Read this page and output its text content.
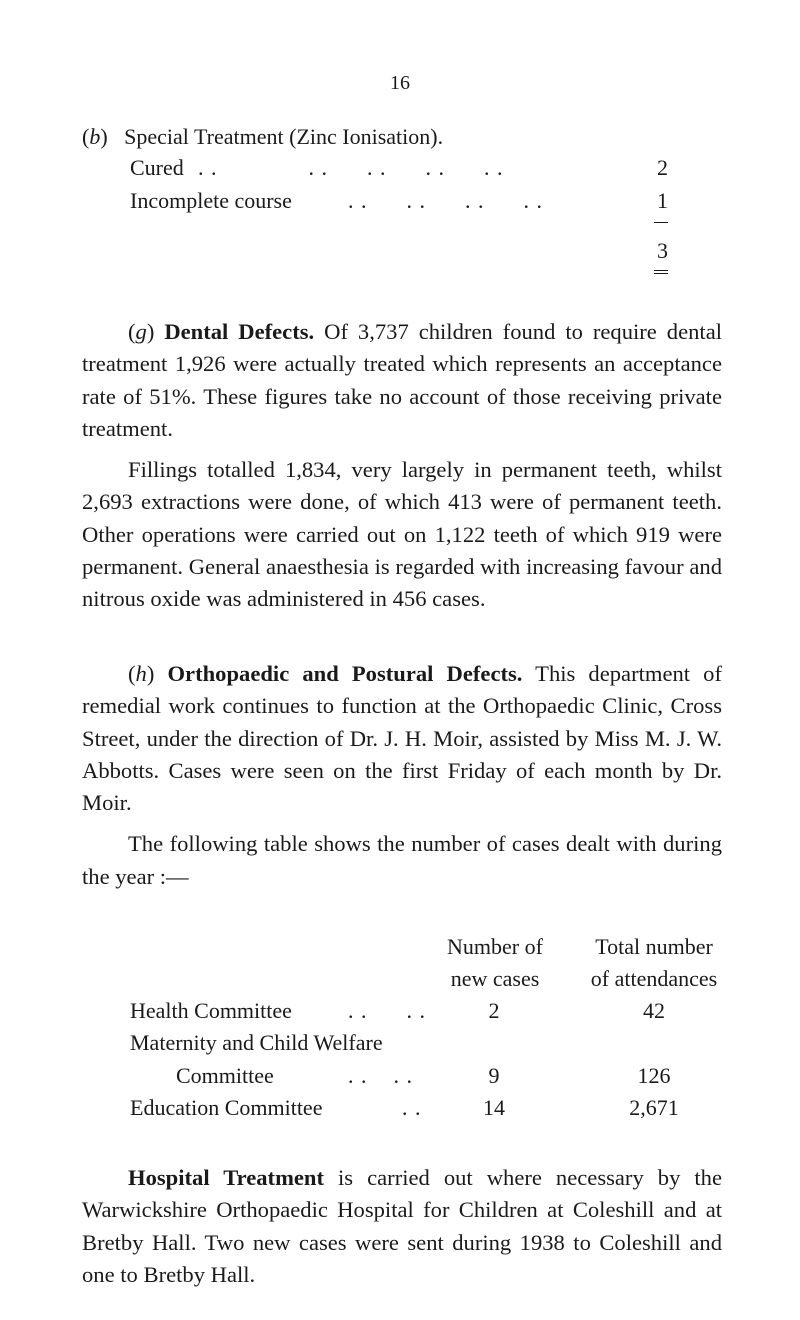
16
(b)   Special Treatment (Zinc Ionisation).
Cured . .              . .      . .      . .      . .	2
Incomplete course	. .      . .      . .      . .	1
3

(g) Dental Defects. Of 3,737 children found to require dental treatment 1,926 were actually treated which represents an acceptance rate of 51%. These figures take no account of those receiving private treatment.

Fillings totalled 1,834, very largely in permanent teeth, whilst 2,693 extractions were done, of which 413 were of permanent teeth. Other operations were carried out on 1,122 teeth of which 919 were permanent. General anaesthesia is regarded with increasing favour and nitrous oxide was administered in 456 cases.

(h) Orthopaedic and Postural Defects. This department of remedial work continues to function at the Orthopaedic Clinic, Cross Street, under the direction of Dr. J. H. Moir, assisted by Miss M. J. W. Abbotts. Cases were seen on the first Friday of each month by Dr. Moir.

The following table shows the number of cases dealt with during the year :—

Number of
new cases
Total number
of attendances
Health Committee	. .      . .	2	42
Maternity and Child Welfare
Committee	. .    . .	9	126
Education Committee	. .	14	2,671

Hospital Treatment is carried out where necessary by the Warwickshire Orthopaedic Hospital for Children at Coleshill and at Bretby Hall. Two new cases were sent during 1938 to Coleshill and one to Bretby Hall.
